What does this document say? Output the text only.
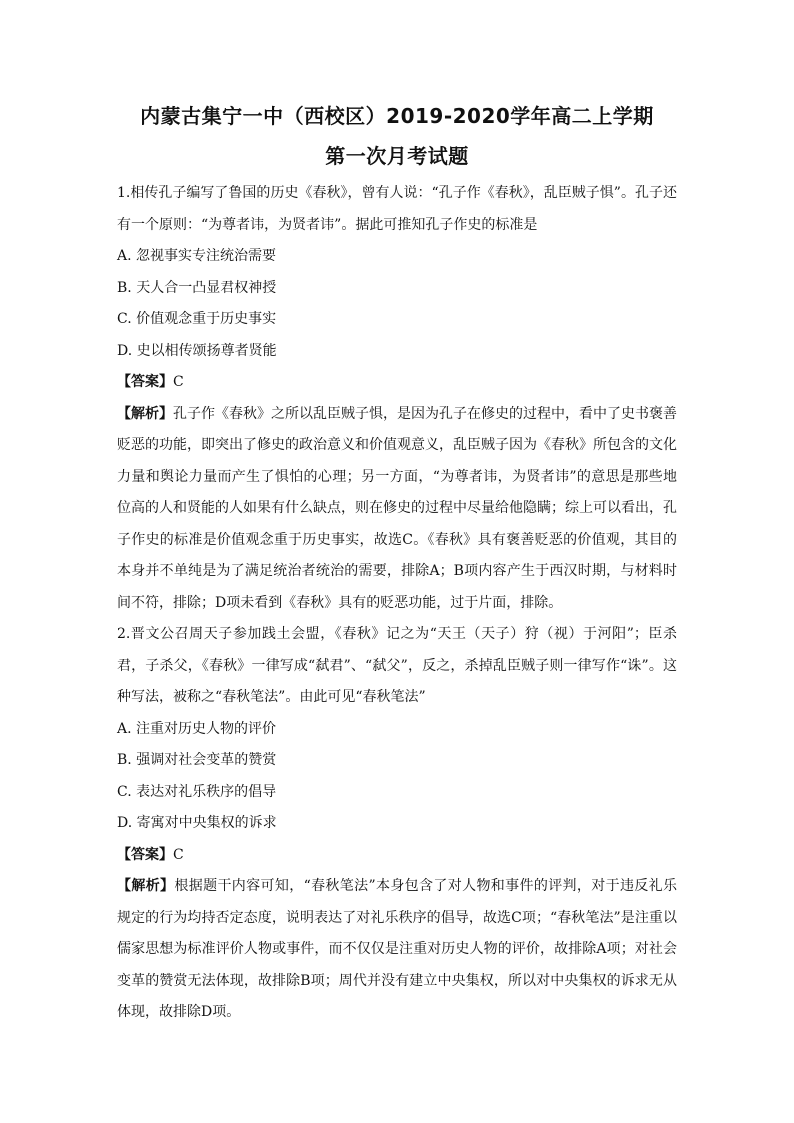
内蒙古集宁一中（西校区）2019-2020学年高二上学期
第一次月考试题

1.相传孔子编写了鲁国的历史《春秋》，曾有人说：“孔子作《春秋》，乱臣贼子惧”。孔子还有一个原则：“为尊者讳，为贤者讳”。据此可推知孔子作史的标准是

A. 忽视事实专注统治需要

B. 天人合一凸显君权神授

C. 价值观念重于历史事实

D. 史以相传颂扬尊者贤能

【答案】C

【解析】孔子作《春秋》之所以乱臣贼子惧，是因为孔子在修史的过程中，看中了史书褒善贬恶的功能，即突出了修史的政治意义和价值观意义，乱臣贼子因为《春秋》所包含的文化力量和舆论力量而产生了惧怕的心理；另一方面，“为尊者讳，为贤者讳”的意思是那些地位高的人和贤能的人如果有什么缺点，则在修史的过程中尽量给他隐瞒；综上可以看出，孔子作史的标准是价值观念重于历史事实，故选C。《春秋》具有褒善贬恶的价值观，其目的本身并不单纯是为了满足统治者统治的需要，排除A；B项内容产生于西汉时期，与材料时间不符，排除；D项未看到《春秋》具有的贬恶功能，过于片面，排除。

2.晋文公召周天子参加践土会盟，《春秋》记之为“天王（天子）狩（视）于河阳”；臣杀君，子杀父，《春秋》一律写成“弑君”、“弑父”，反之，杀掉乱臣贼子则一律写作“诛”。这种写法，被称之“春秋笔法”。由此可见“春秋笔法”

A. 注重对历史人物的评价

B. 强调对社会变革的赞赏

C. 表达对礼乐秩序的倡导

D. 寄寓对中央集权的诉求

【答案】C

【解析】根据题干内容可知，“春秋笔法”本身包含了对人物和事件的评判，对于违反礼乐规定的行为均持否定态度，说明表达了对礼乐秩序的倡导，故选C项；“春秋笔法”是注重以儒家思想为标准评价人物或事件，而不仅仅是注重对历史人物的评价，故排除A项；对社会变革的赞赏无法体现，故排除B项；周代并没有建立中央集权，所以对中央集权的诉求无从体现，故排除D项。
